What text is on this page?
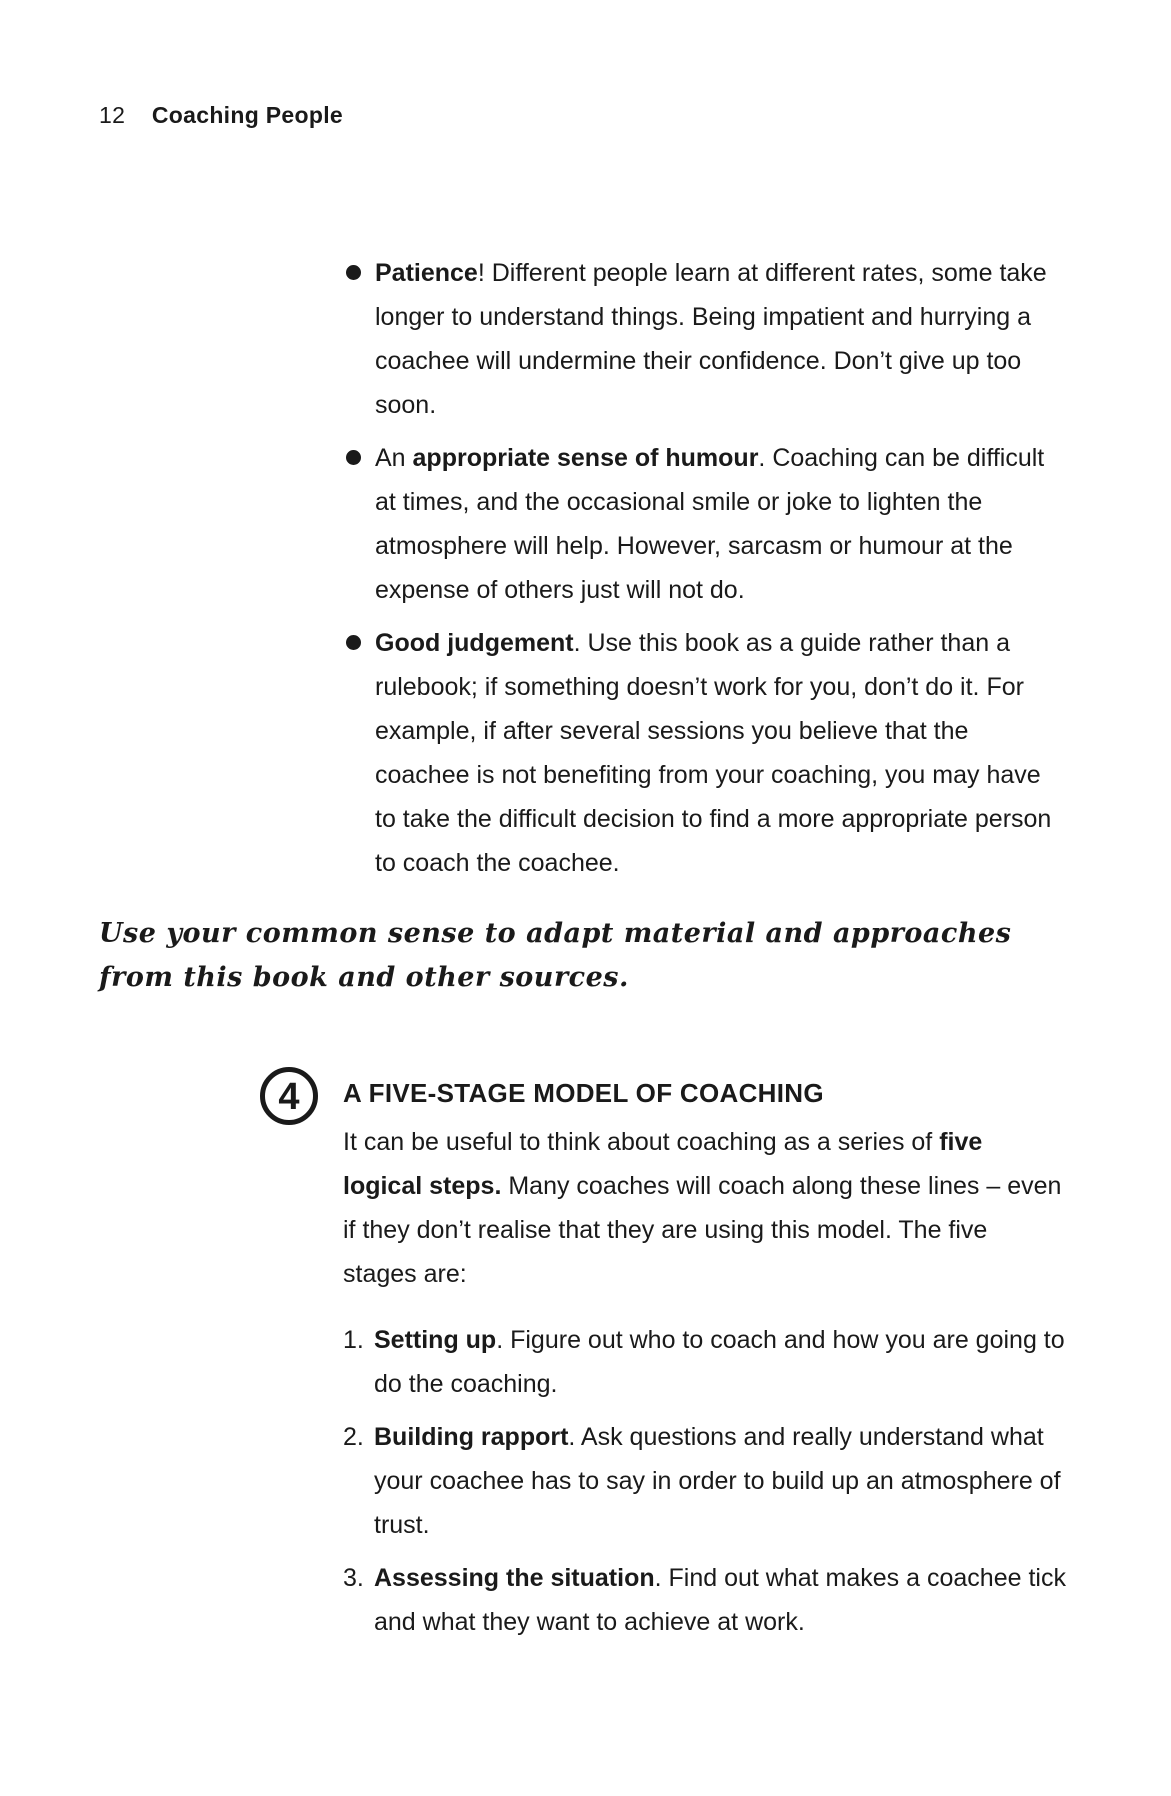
12 Coaching People
Patience! Different people learn at different rates, some take longer to understand things. Being impatient and hurrying a coachee will undermine their confidence. Don’t give up too soon.
An appropriate sense of humour. Coaching can be difficult at times, and the occasional smile or joke to lighten the atmosphere will help. However, sarcasm or humour at the expense of others just will not do.
Good judgement. Use this book as a guide rather than a rulebook; if something doesn’t work for you, don’t do it. For example, if after several sessions you believe that the coachee is not benefiting from your coaching, you may have to take the difficult decision to find a more appropriate person to coach the coachee.
Use your common sense to adapt material and approaches from this book and other sources.
4 A FIVE-STAGE MODEL OF COACHING
It can be useful to think about coaching as a series of five logical steps. Many coaches will coach along these lines – even if they don’t realise that they are using this model. The five stages are:
1. Setting up. Figure out who to coach and how you are going to do the coaching.
2. Building rapport. Ask questions and really understand what your coachee has to say in order to build up an atmosphere of trust.
3. Assessing the situation. Find out what makes a coachee tick and what they want to achieve at work.
